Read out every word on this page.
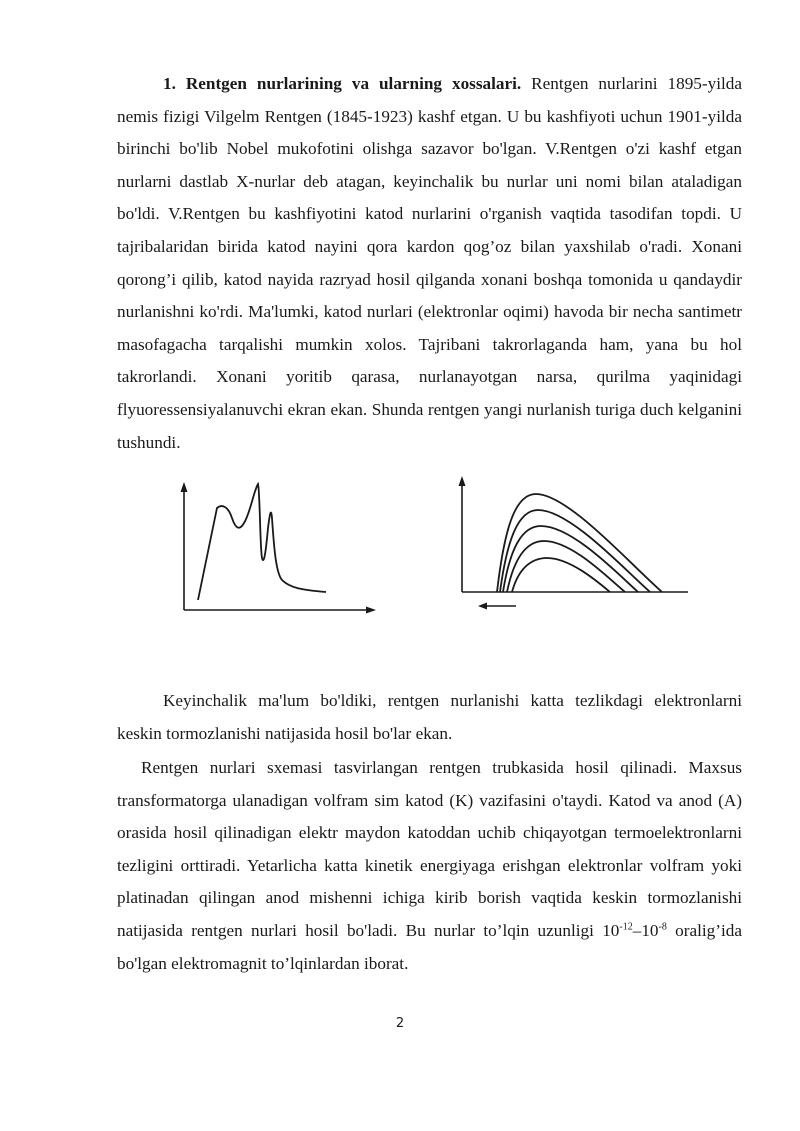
1. Rentgen nurlarining va ularning xossalari. Rentgen nurlarini 1895-yilda nemis fizigi Vilgelm Rentgen (1845-1923) kashf etgan. U bu kashfiyoti uchun 1901-yilda birinchi bo'lib Nobel mukofotini olishga sazavor bo'lgan. V.Rentgen o'zi kashf etgan nurlarni dastlab X-nurlar deb atagan, keyinchalik bu nurlar uni nomi bilan ataladigan bo'ldi. V.Rentgen bu kashfiyotini katod nurlarini o'rganish vaqtida tasodifan topdi. U tajribalaridan birida katod nayini qora kardon qog’oz bilan yaxshilab o'radi. Xonani qorong’i qilib, katod nayida razryad hosil qilganda xonani boshqa tomonida u qandaydir nurlanishni ko'rdi. Ma'lumki, katod nurlari (elektronlar oqimi) havoda bir necha santimetr masofagacha tarqalishi mumkin xolos. Tajribani takrorlaganda ham, yana bu hol takrorlandi. Xonani yoritib qarasa, nurlanayotgan narsa, qurilma yaqinidagi flyuoressensiyalanuvchi ekran ekan. Shunda rentgen yangi nurlanish turiga duch kelganini tushundi.

Keyinchalik ma'lum bo'ldiki, rentgen nurlanishi katta tezlikdagi elektronlarni keskin tormozlanishi natijasida hosil bo'lar ekan.

Rentgen nurlari sxemasi tasvirlangan rentgen trubkasida hosil qilinadi. Maxsus transformatorga ulanadigan volfram sim katod (K) vazifasini o'taydi. Katod va anod (A) orasida hosil qilinadigan elektr maydon katoddan uchib chiqayotgan termoelektronlarni tezligini orttiradi. Yetarlicha katta kinetik energiyaga erishgan elektronlar volfram yoki platinadan qilingan anod mishenni ichiga kirib borish vaqtida keskin tormozlanishi natijasida rentgen nurlari hosil bo'ladi. Bu nurlar to’lqin uzunligi $10^{-12}-10^{-8}$ oralig’ida bo'lgan elektromagnit to’lqinlardan iborat.

2
